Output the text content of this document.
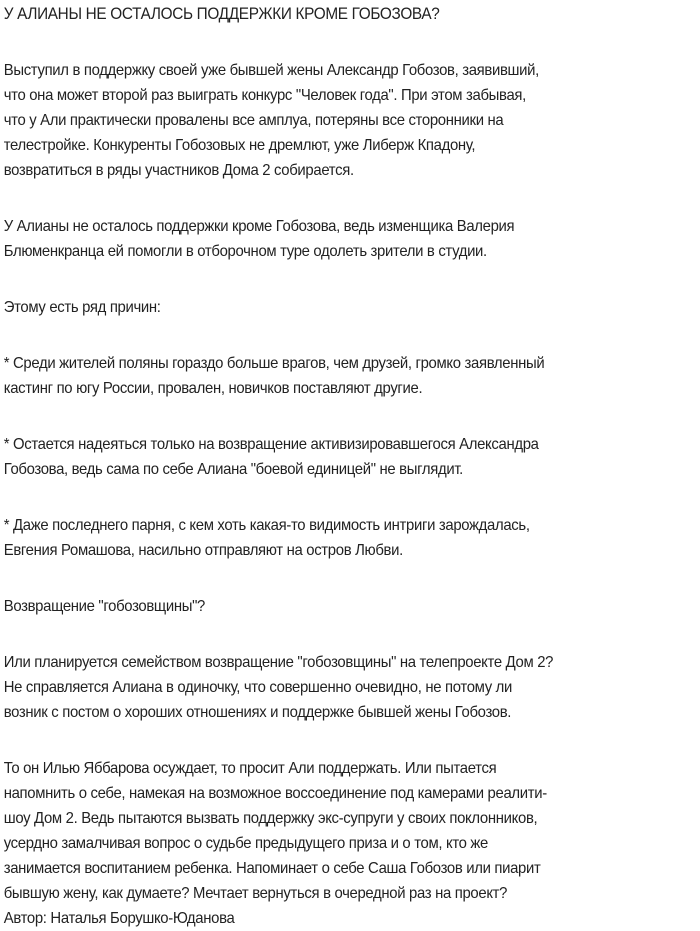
У АЛИАНЫ НЕ ОСТАЛОСЬ ПОДДЕРЖКИ КРОМЕ ГОБОЗОВА?

Выступил в поддержку своей уже бывшей жены Александр Гобозов, заявивший,
что она может второй раз выиграть конкурс "Человек года". При этом забывая,
что у Али практически провалены все амплуа, потеряны все сторонники на
телестройке. Конкуренты Гобозовых не дремлют, уже Либерж Кпадону,
возвратиться в ряды участников Дома 2 собирается.

У Алианы не осталось поддержки кроме Гобозова, ведь изменщика Валерия
Блюменкранца ей помогли в отборочном туре одолеть зрители в студии.

Этому есть ряд причин:

* Среди жителей поляны гораздо больше врагов, чем друзей, громко заявленный
кастинг по югу России, провален, новичков поставляют другие.

* Остается надеяться только на возвращение активизировавшегося Александра
Гобозова, ведь сама по себе Алиана "боевой единицей" не выглядит.

* Даже последнего парня, с кем хоть какая-то видимость интриги зарождалась,
Евгения Ромашова, насильно отправляют на остров Любви.

Возвращение "гобозовщины"?

Или планируется семейством возвращение "гобозовщины" на телепроекте Дом 2?
Не справляется Алиана в одиночку, что совершенно очевидно, не потому ли
возник с постом о хороших отношениях и поддержке бывшей жены Гобозов.

То он Илью Яббарова осуждает, то просит Али поддержать. Или пытается
напомнить о себе, намекая на возможное воссоединение под камерами реалити-
шоу Дом 2. Ведь пытаются вызвать поддержку экс-супруги у своих поклонников,
усердно замалчивая вопрос о судьбе предыдущего приза и о том, кто же
занимается воспитанием ребенка. Напоминает о себе Саша Гобозов или пиарит
бывшую жену, как думаете? Мечтает вернуться в очередной раз на проект?
Автор: Наталья Борушко-Юданова
